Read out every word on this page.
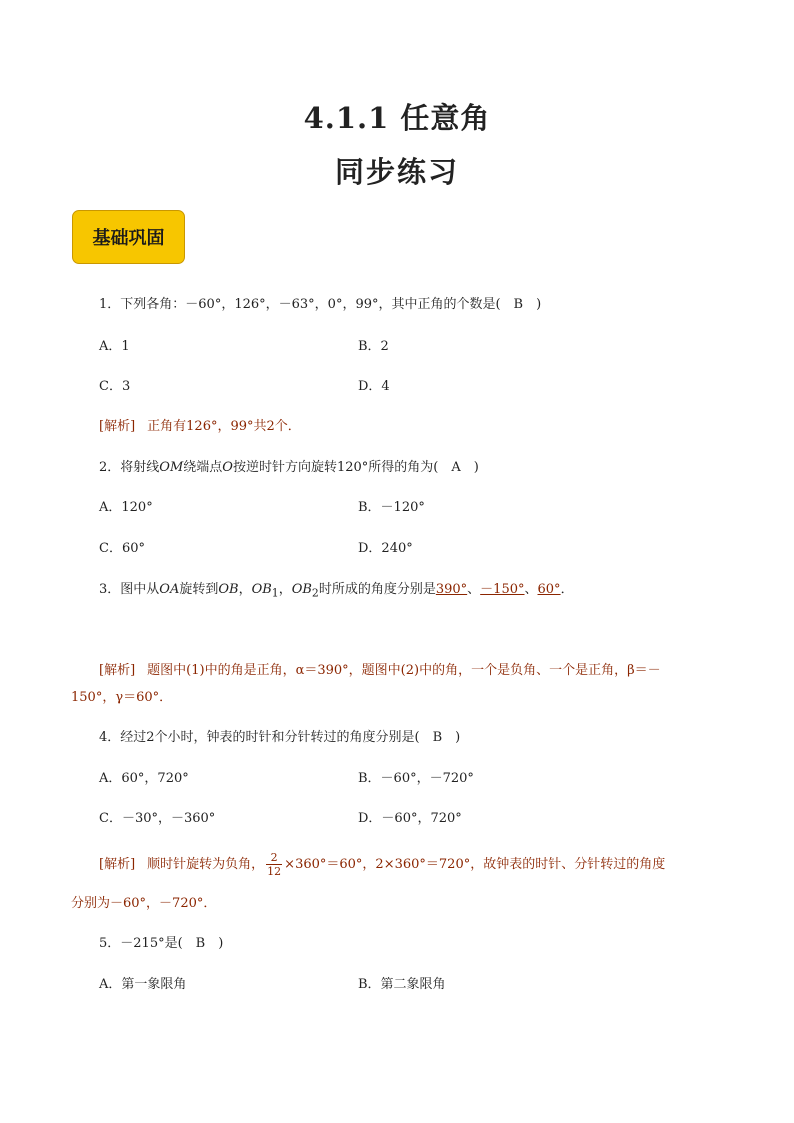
4.1.1 任意角
同步练习
基础巩固
1．下列各角：－60°，126°，－63°，0°，99°，其中正角的个数是(　B　)
A．1	B．2
C．3	D．4
[解析] 正角有126°，99°共2个．
2．将射线OM绕端点O按逆时针方向旋转120°所得的角为(　A　)
A．120°	B．－120°
C．60°	D．240°
3．图中从OA旋转到OB，$OB_1$，$OB_2$时所成的角度分别是390°、－150°、60°．
[解析] 题图中(1)中的角是正角，α＝390°，题图中(2)中的角，一个是负角、一个是正角，β＝－
150°，γ＝60°．
4．经过2个小时，钟表的时针和分针转过的角度分别是(　B　)
A．60°，720°	B．－60°，－720°
C．－30°，－360°	D．－60°，720°
[解析] 顺时针旋转为负角， $\frac{2}{12} \times 360^\circ=60^\circ$，2×360°＝720°，故钟表的时针、分针转过的角度
分别为－60°，－720°．
5．－215°是(　B　)
A．第一象限角	B．第二象限角
